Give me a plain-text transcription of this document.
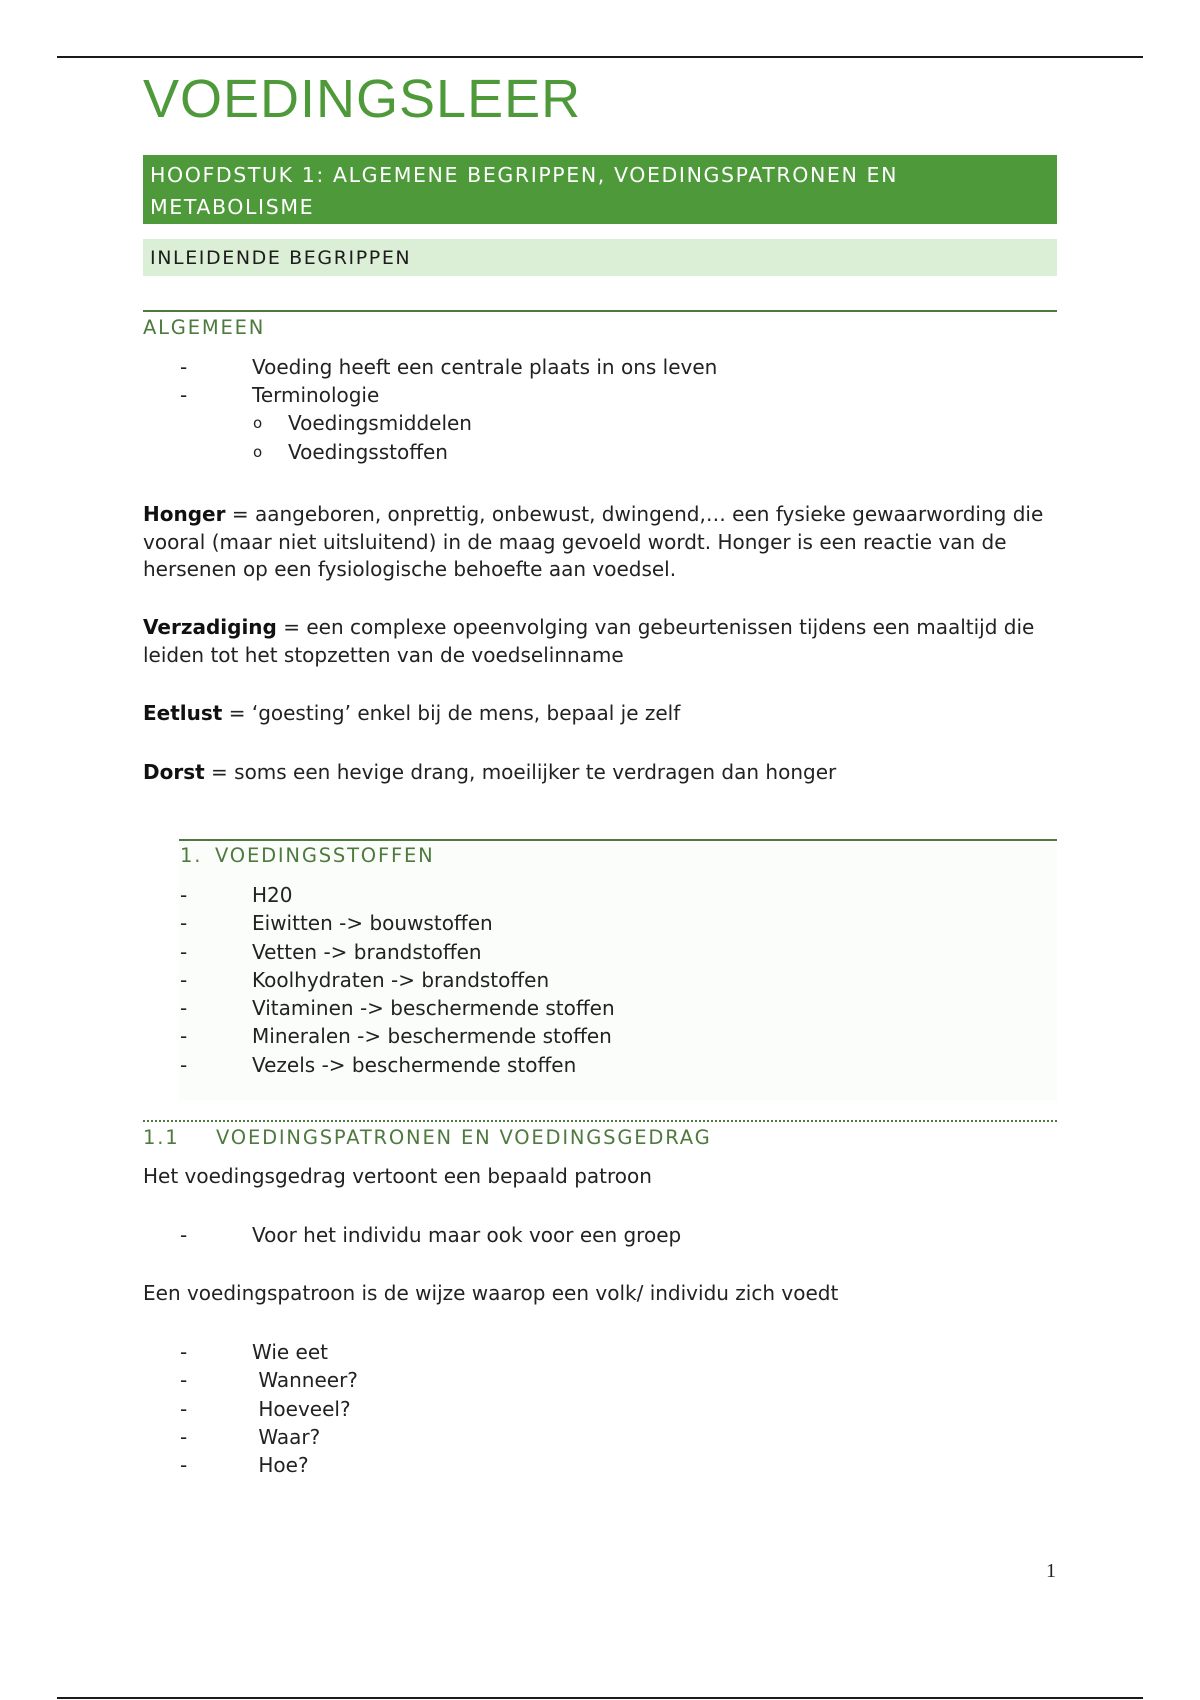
VOEDINGSLEER
HOOFDSTUK 1: ALGEMENE BEGRIPPEN, VOEDINGSPATRONEN EN METABOLISME
INLEIDENDE BEGRIPPEN
ALGEMEEN
-	Voeding heeft een centrale plaats in ons leven
-	Terminologie
o Voedingsmiddelen
o Voedingsstoffen

Honger = aangeboren, onprettig, onbewust, dwingend,… een fysieke gewaarwording die vooral (maar niet uitsluitend) in de maag gevoeld wordt. Honger is een reactie van de hersenen op een fysiologische behoefte aan voedsel.

Verzadiging = een complexe opeenvolging van gebeurtenissen tijdens een maaltijd die leiden tot het stopzetten van de voedselinname

Eetlust = ‘goesting’ enkel bij de mens, bepaal je zelf

Dorst = soms een hevige drang, moeilijker te verdragen dan honger

1. VOEDINGSSTOFFEN
-	H20
-	Eiwitten -> bouwstoffen
-	Vetten -> brandstoffen
-	Koolhydraten -> brandstoffen
-	Vitaminen -> beschermende stoffen
-	Mineralen -> beschermende stoffen
-	Vezels -> beschermende stoffen
1.1 VOEDINGSPATRONEN EN VOEDINGSGEDRAG

Het voedingsgedrag vertoont een bepaald patroon

-	Voor het individu maar ook voor een groep

Een voedingspatroon is de wijze waarop een volk/ individu zich voedt

-	Wie eet
-	Wanneer?
-	Hoeveel?
-	Waar?
-	Hoe?
1
